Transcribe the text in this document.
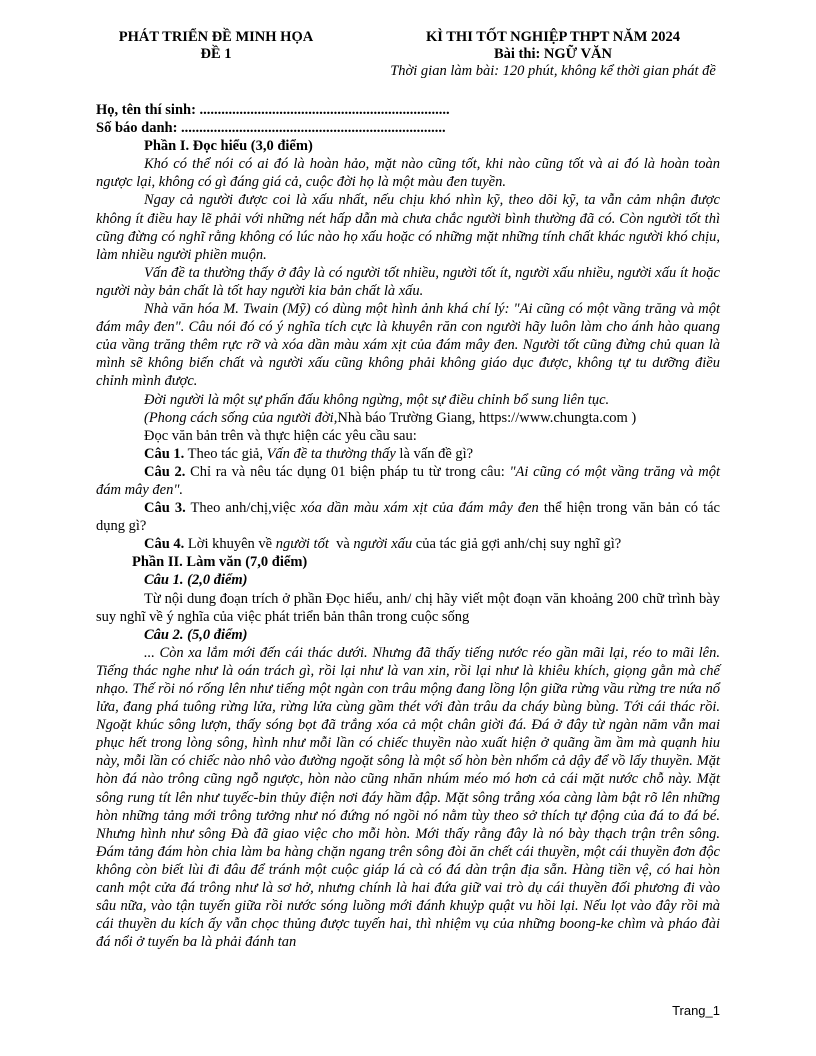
PHÁT TRIỂN ĐỀ MINH HỌA
ĐỀ 1
KÌ THI TỐT NGHIỆP THPT NĂM 2024
Bài thi: NGỮ VĂN
Thời gian làm bài: 120 phút, không kể thời gian phát đề

Họ, tên thí sinh: .....................................................................

Số báo danh: .........................................................................

Phần I. Đọc hiểu (3,0 điểm)

Khó có thể nói có ai đó là hoàn hảo, mặt nào cũng tốt, khi nào cũng tốt và ai đó là hoàn toàn ngược lại, không có gì đáng giá cả, cuộc đời họ là một màu đen tuyền.

Ngay cả người được coi là xấu nhất, nếu chịu khó nhìn kỹ, theo dõi kỹ, ta vẫn cảm nhận được không ít điều hay lẽ phải với những nét hấp dẫn mà chưa chắc người bình thường đã có. Còn người tốt thì cũng đừng có nghĩ rằng không có lúc nào họ xấu hoặc có những mặt những tính chất khác người khó chịu, làm nhiều người phiền muộn.

Vấn đề ta thường thấy ở đây là có người tốt nhiều, người tốt ít, người xấu nhiều, người xấu ít hoặc người này bản chất là tốt hay người kia bản chất là xấu.

Nhà văn hóa M. Twain (Mỹ) có dùng một hình ảnh khá chí lý: "Ai cũng có một vầng trăng và một đám mây đen". Câu nói đó có ý nghĩa tích cực là khuyên răn con người hãy luôn làm cho ánh hào quang của vầng trăng thêm rực rỡ và xóa dần màu xám xịt của đám mây đen. Người tốt cũng đừng chủ quan là mình sẽ không biến chất và người xấu cũng không phải không giáo dục được, không tự tu dưỡng điều chỉnh mình được.

Đời người là một sự phấn đấu không ngừng, một sự điều chỉnh bổ sung liên tục.

(Phong cách sống của người đời,Nhà báo Trường Giang, https://www.chungta.com )

Đọc văn bản trên và thực hiện các yêu cầu sau:

Câu 1. Theo tác giả, Vấn đề ta thường thấy là vấn đề gì?

Câu 2. Chỉ ra và nêu tác dụng 01 biện pháp tu từ trong câu: "Ai cũng có một vầng trăng và một đám mây đen".

Câu 3. Theo anh/chị,việc xóa dần màu xám xịt của đám mây đen thể hiện trong văn bản có tác dụng gì?

Câu 4. Lời khuyên về người tốt  và người xấu của tác giả gợi anh/chị suy nghĩ gì?

Phần II. Làm văn (7,0 điểm)

Câu 1. (2,0 điểm)

Từ nội dung đoạn trích ở phần Đọc hiểu, anh/ chị hãy viết một đoạn văn khoảng 200 chữ trình bày suy nghĩ về ý nghĩa của việc phát triển bản thân trong cuộc sống

Câu 2. (5,0 điểm)

... Còn xa lắm mới đến cái thác dưới. Nhưng đã thấy tiếng nước réo gần mãi lại, réo to mãi lên. Tiếng thác nghe như là oán trách gì, rồi lại như là van xin, rồi lại như là khiêu khích, giọng gằn mà chế nhạo. Thế rồi nó rống lên như tiếng một ngàn con trâu mộng đang lồng lộn giữa rừng vầu rừng tre nứa nổ lửa, đang phá tuông rừng lửa, rừng lửa cùng gầm thét với đàn trâu da cháy bùng bùng. Tới cái thác rồi. Ngoặt khúc sông lượn, thấy sóng bọt đã trắng xóa cả một chân giời đá. Đá ở đây từ ngàn năm vẫn mai phục hết trong lòng sông, hình như mỗi lần có chiếc thuyền nào xuất hiện ở quãng ầm ầm mà quạnh hiu này, mỗi lần có chiếc nào nhô vào đường ngoặt sông là một số hòn bèn nhổm cả dậy để vồ lấy thuyền. Mặt hòn đá nào trông cũng ngỗ ngược, hòn nào cũng nhăn nhúm méo mó hơn cả cái mặt nước chỗ này. Mặt sông rung tít lên như tuyếc-bin thủy điện nơi đáy hầm đập. Mặt sông trắng xóa càng làm bật rõ lên những hòn những tảng mới trông tưởng như nó đứng nó ngồi nó nằm tùy theo sở thích tự động của đá to đá bé. Nhưng hình như sông Đà đã giao việc cho mỗi hòn. Mới thấy rằng đây là nó bày thạch trận trên sông. Đám tảng đám hòn chia làm ba hàng chặn ngang trên sông đòi ăn chết cái thuyền, một cái thuyền đơn độc không còn biết lùi đi đâu để tránh một cuộc giáp lá cà có đá dàn trận địa sẵn. Hàng tiền vệ, có hai hòn canh một cửa đá trông như là sơ hở, nhưng chính là hai đứa giữ vai trò dụ cái thuyền đối phương đi vào sâu nữa, vào tận tuyến giữa rồi nước sóng luồng mới đánh khuỷp quật vu hồi lại. Nếu lọt vào đây rồi mà cái thuyền du kích ấy vẫn chọc thủng được tuyến hai, thì nhiệm vụ của những boong-ke chìm và pháo đài đá nổi ở tuyến ba là phải đánh tan

Trang_1
